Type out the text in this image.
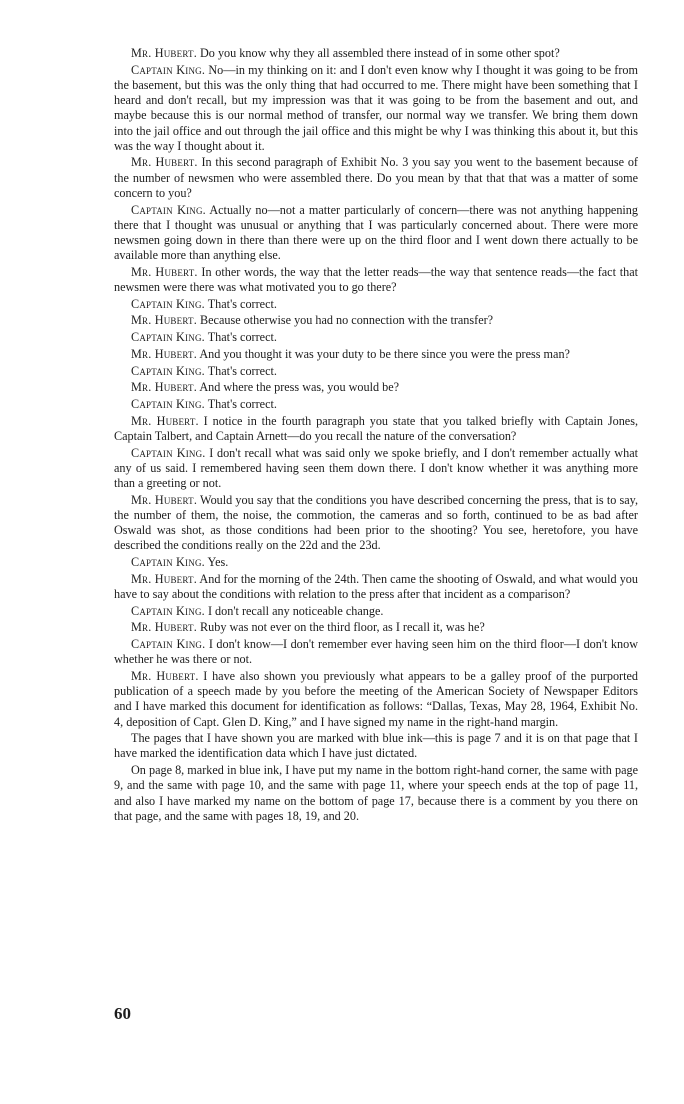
Mr. Hubert. Do you know why they all assembled there instead of in some other spot?

Captain King. No—in my thinking on it: and I don't even know why I thought it was going to be from the basement, but this was the only thing that had occurred to me. There might have been something that I heard and don't recall, but my impression was that it was going to be from the basement and out, and maybe because this is our normal method of transfer, our normal way we transfer. We bring them down into the jail office and out through the jail office and this might be why I was thinking this about it, but this was the way I thought about it.

Mr. Hubert. In this second paragraph of Exhibit No. 3 you say you went to the basement because of the number of newsmen who were assembled there. Do you mean by that that that was a matter of some concern to you?

Captain King. Actually no—not a matter particularly of concern—there was not anything happening there that I thought was unusual or anything that I was particularly concerned about. There were more newsmen going down in there than there were up on the third floor and I went down there actually to be available more than anything else.

Mr. Hubert. In other words, the way that the letter reads—the way that sentence reads—the fact that newsmen were there was what motivated you to go there?

Captain King. That's correct.

Mr. Hubert. Because otherwise you had no connection with the transfer?

Captain King. That's correct.

Mr. Hubert. And you thought it was your duty to be there since you were the press man?

Captain King. That's correct.

Mr. Hubert. And where the press was, you would be?

Captain King. That's correct.

Mr. Hubert. I notice in the fourth paragraph you state that you talked briefly with Captain Jones, Captain Talbert, and Captain Arnett—do you recall the nature of the conversation?

Captain King. I don't recall what was said only we spoke briefly, and I don't remember actually what any of us said. I remembered having seen them down there. I don't know whether it was anything more than a greeting or not.

Mr. Hubert. Would you say that the conditions you have described concerning the press, that is to say, the number of them, the noise, the commotion, the cameras and so forth, continued to be as bad after Oswald was shot, as those conditions had been prior to the shooting? You see, heretofore, you have described the conditions really on the 22d and the 23d.

Captain King. Yes.

Mr. Hubert. And for the morning of the 24th. Then came the shooting of Oswald, and what would you have to say about the conditions with relation to the press after that incident as a comparison?

Captain King. I don't recall any noticeable change.

Mr. Hubert. Ruby was not ever on the third floor, as I recall it, was he?

Captain King. I don't know—I don't remember ever having seen him on the third floor—I don't know whether he was there or not.

Mr. Hubert. I have also shown you previously what appears to be a galley proof of the purported publication of a speech made by you before the meeting of the American Society of Newspaper Editors and I have marked this document for identification as follows: “Dallas, Texas, May 28, 1964, Exhibit No. 4, deposition of Capt. Glen D. King,” and I have signed my name in the right-hand margin.

The pages that I have shown you are marked with blue ink—this is page 7 and it is on that page that I have marked the identification data which I have just dictated.

On page 8, marked in blue ink, I have put my name in the bottom right-hand corner, the same with page 9, and the same with page 10, and the same with page 11, where your speech ends at the top of page 11, and also I have marked my name on the bottom of page 17, because there is a comment by you there on that page, and the same with pages 18, 19, and 20.

60
